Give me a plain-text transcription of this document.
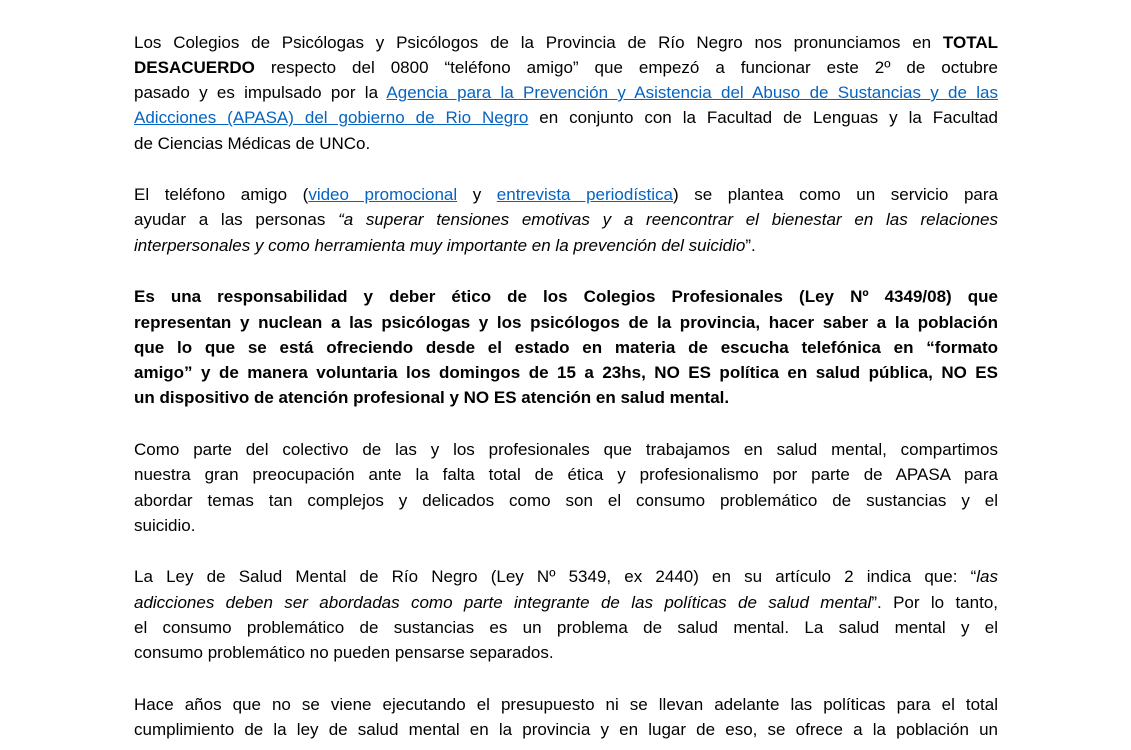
Los Colegios de Psicólogas y Psicólogos de la Provincia de Río Negro nos pronunciamos en TOTAL
DESACUERDO respecto del 0800 “teléfono amigo” que empezó a funcionar este 2º de octubre
pasado y es impulsado por la Agencia para la Prevención y Asistencia del Abuso de Sustancias y de las
Adicciones (APASA) del gobierno de Rio Negro en conjunto con la Facultad de Lenguas y la Facultad
de Ciencias Médicas de UNCo.
El teléfono amigo (video promocional y entrevista periodística) se plantea como un servicio para
ayudar a las personas “a superar tensiones emotivas y a reencontrar el bienestar en las relaciones
interpersonales y como herramienta muy importante en la prevención del suicidio”.
Es una responsabilidad y deber ético de los Colegios Profesionales (Ley Nº 4349/08) que
representan y nuclean a las psicólogas y los psicólogos de la provincia, hacer saber a la población
que lo que se está ofreciendo desde el estado en materia de escucha telefónica en “formato
amigo” y de manera voluntaria los domingos de 15 a 23hs, NO ES política en salud pública, NO ES
un dispositivo de atención profesional y NO ES atención en salud mental.
Como parte del colectivo de las y los profesionales que trabajamos en salud mental, compartimos
nuestra gran preocupación ante la falta total de ética y profesionalismo por parte de APASA para
abordar temas tan complejos y delicados como son el consumo problemático de sustancias y el
suicidio.
La Ley de Salud Mental de Río Negro (Ley Nº 5349, ex 2440) en su artículo 2 indica que: “las
adicciones deben ser abordadas como parte integrante de las políticas de salud mental”. Por lo tanto,
el consumo problemático de sustancias es un problema de salud mental. La salud mental y el
consumo problemático no pueden pensarse separados.
Hace años que no se viene ejecutando el presupuesto ni se llevan adelante las políticas para el total
cumplimiento de la ley de salud mental en la provincia y en lugar de eso, se ofrece a la población un
